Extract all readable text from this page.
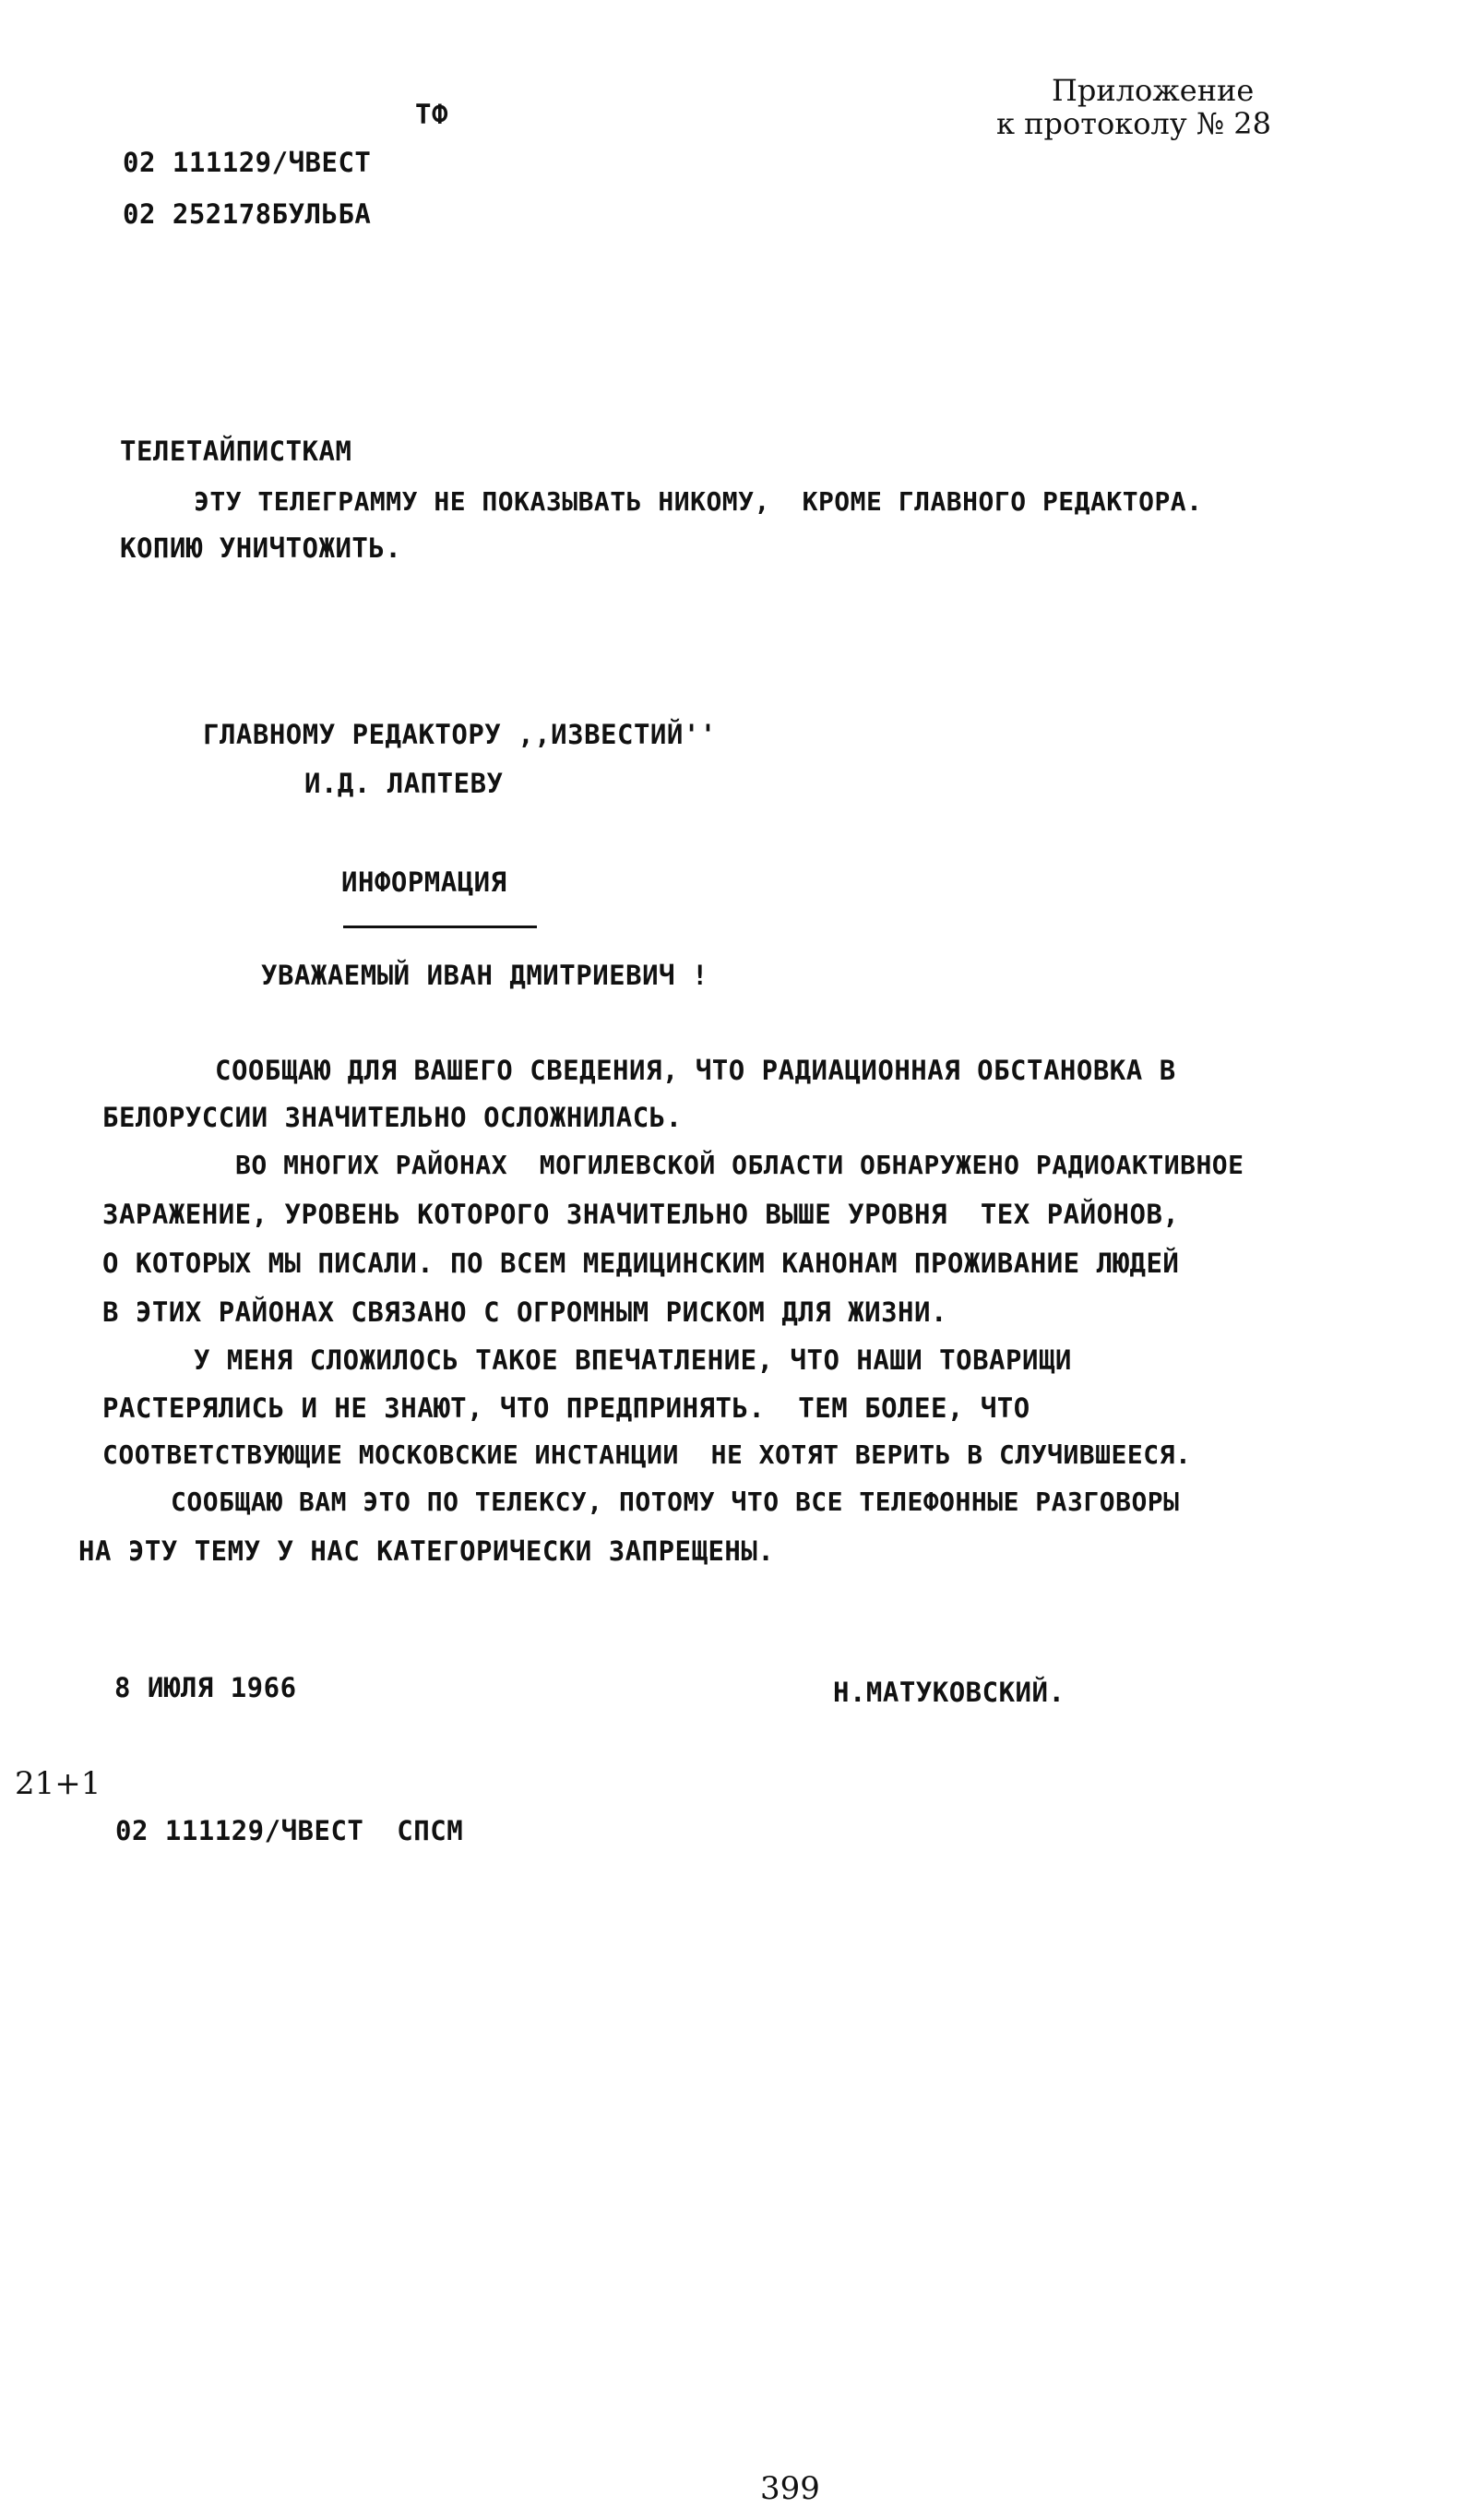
Приложение
к протоколу № 28
ТФ
02 111129/ЧВЕСТ
02 252178БУЛЬБА
ТЕЛЕТАЙПИСТКАМ
ЭТУ ТЕЛЕГРАММУ НЕ ПОКАЗЫВАТЬ НИКОМУ,  КРОМЕ ГЛАВНОГО РЕДАКТОРА.
КОПИЮ УНИЧТОЖИТЬ.
ГЛАВНОМУ РЕДАКТОРУ ,,ИЗВЕСТИЙ''
И.Д. ЛАПТЕВУ
ИНФОРМАЦИЯ
УВАЖАЕМЫЙ ИВАН ДМИТРИЕВИЧ !
СООБЩАЮ ДЛЯ ВАШЕГО СВЕДЕНИЯ, ЧТО РАДИАЦИОННАЯ ОБСТАНОВКА В
БЕЛОРУССИИ ЗНАЧИТЕЛЬНО ОСЛОЖНИЛАСЬ.
ВО МНОГИХ РАЙОНАХ  МОГИЛЕВСКОЙ ОБЛАСТИ ОБНАРУЖЕНО РАДИОАКТИВНОЕ
ЗАРАЖЕНИЕ, УРОВЕНЬ КОТОРОГО ЗНАЧИТЕЛЬНО ВЫШЕ УРОВНЯ  ТЕХ РАЙОНОВ,
О КОТОРЫХ МЫ ПИСАЛИ. ПО ВСЕМ МЕДИЦИНСКИМ КАНОНАМ ПРОЖИВАНИЕ ЛЮДЕЙ
В ЭТИХ РАЙОНАХ СВЯЗАНО С ОГРОМНЫМ РИСКОМ ДЛЯ ЖИЗНИ.
У МЕНЯ СЛОЖИЛОСЬ ТАКОЕ ВПЕЧАТЛЕНИЕ, ЧТО НАШИ ТОВАРИЩИ
РАСТЕРЯЛИСЬ И НЕ ЗНАЮТ, ЧТО ПРЕДПРИНЯТЬ.  ТЕМ БОЛЕЕ, ЧТО
СООТВЕТСТВУЮЩИЕ МОСКОВСКИЕ ИНСТАНЦИИ  НЕ ХОТЯТ ВЕРИТЬ В СЛУЧИВШЕЕСЯ.
СООБЩАЮ ВАМ ЭТО ПО ТЕЛЕКСУ, ПОТОМУ ЧТО ВСЕ ТЕЛЕФОННЫЕ РАЗГОВОРЫ
НА ЭТУ ТЕМУ У НАС КАТЕГОРИЧЕСКИ ЗАПРЕЩЕНЫ.
8 ИЮЛЯ 1966	Н.МАТУКОВСКИЙ.
21+1
02 111129/ЧВЕСТ  СПСМ
399
